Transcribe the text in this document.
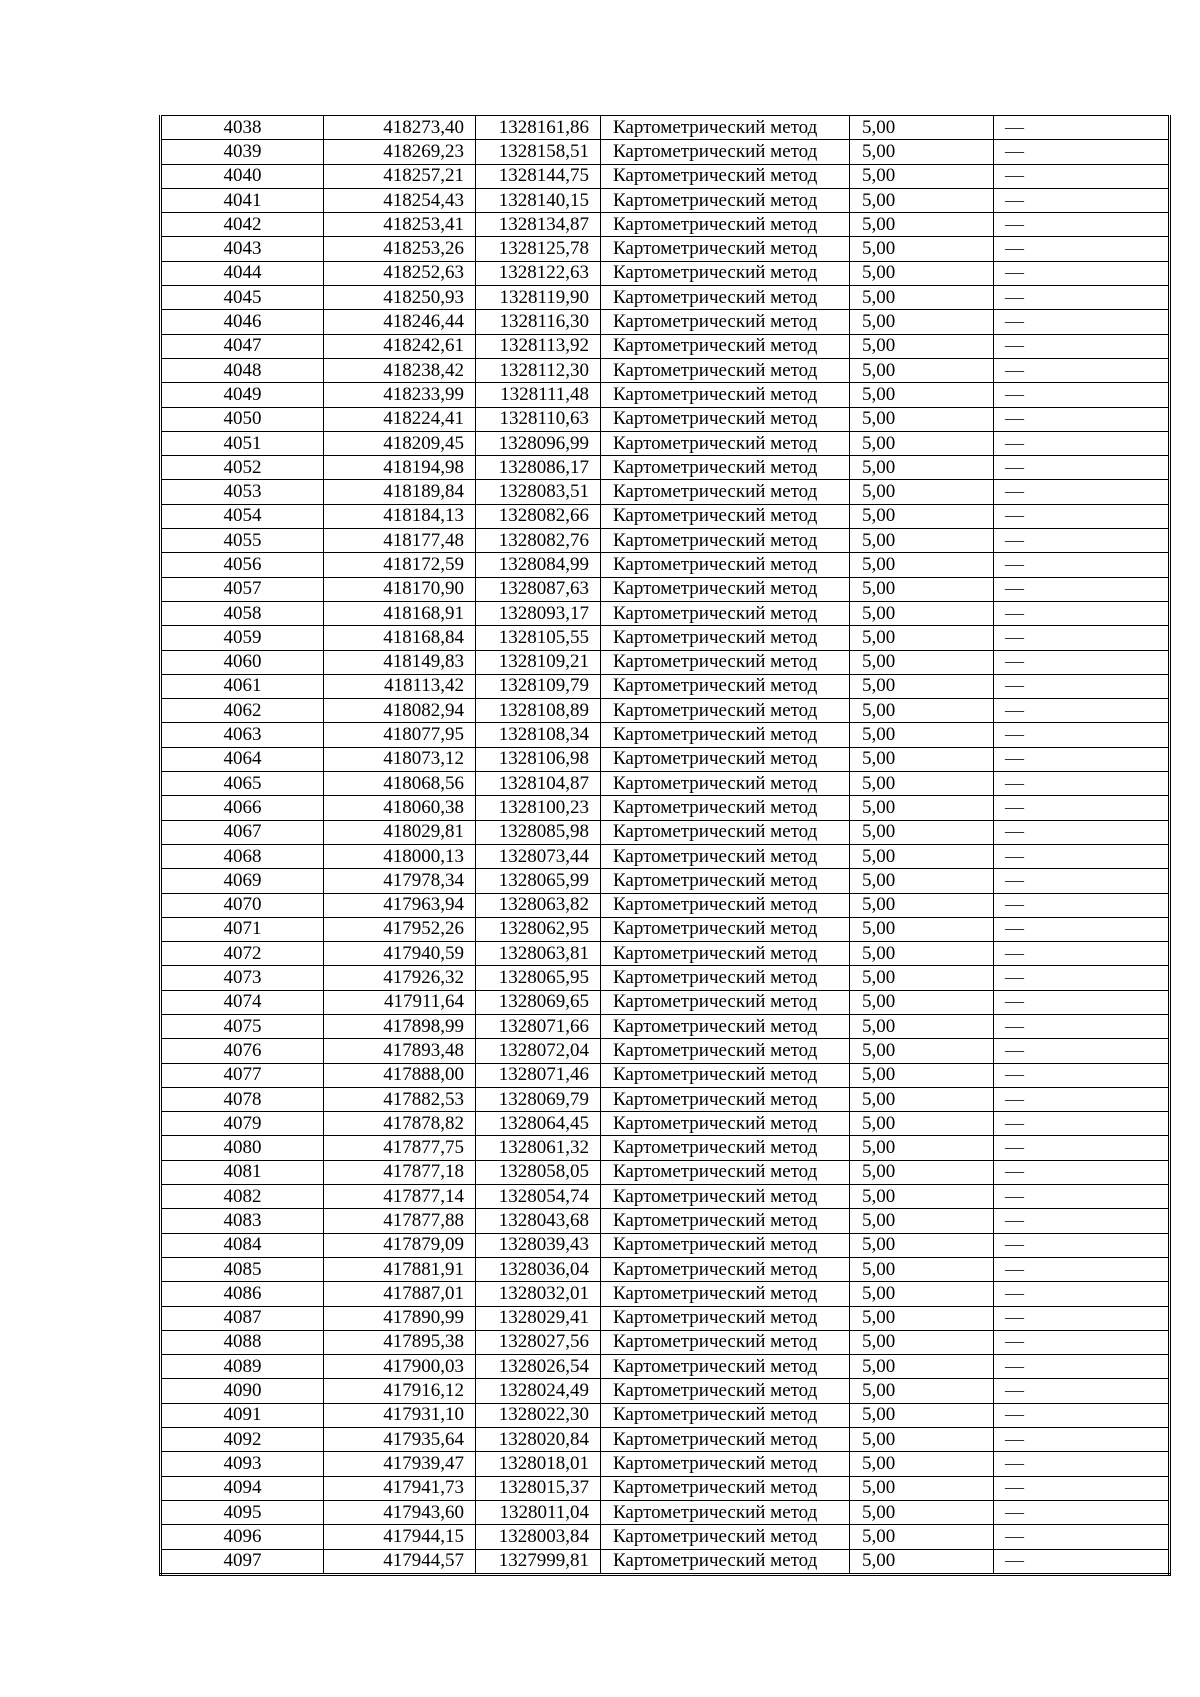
4038	418273,40	1328161,86	Картометрический метод	5,00	—
4039	418269,23	1328158,51	Картометрический метод	5,00	—
4040	418257,21	1328144,75	Картометрический метод	5,00	—
4041	418254,43	1328140,15	Картометрический метод	5,00	—
4042	418253,41	1328134,87	Картометрический метод	5,00	—
4043	418253,26	1328125,78	Картометрический метод	5,00	—
4044	418252,63	1328122,63	Картометрический метод	5,00	—
4045	418250,93	1328119,90	Картометрический метод	5,00	—
4046	418246,44	1328116,30	Картометрический метод	5,00	—
4047	418242,61	1328113,92	Картометрический метод	5,00	—
4048	418238,42	1328112,30	Картометрический метод	5,00	—
4049	418233,99	1328111,48	Картометрический метод	5,00	—
4050	418224,41	1328110,63	Картометрический метод	5,00	—
4051	418209,45	1328096,99	Картометрический метод	5,00	—
4052	418194,98	1328086,17	Картометрический метод	5,00	—
4053	418189,84	1328083,51	Картометрический метод	5,00	—
4054	418184,13	1328082,66	Картометрический метод	5,00	—
4055	418177,48	1328082,76	Картометрический метод	5,00	—
4056	418172,59	1328084,99	Картометрический метод	5,00	—
4057	418170,90	1328087,63	Картометрический метод	5,00	—
4058	418168,91	1328093,17	Картометрический метод	5,00	—
4059	418168,84	1328105,55	Картометрический метод	5,00	—
4060	418149,83	1328109,21	Картометрический метод	5,00	—
4061	418113,42	1328109,79	Картометрический метод	5,00	—
4062	418082,94	1328108,89	Картометрический метод	5,00	—
4063	418077,95	1328108,34	Картометрический метод	5,00	—
4064	418073,12	1328106,98	Картометрический метод	5,00	—
4065	418068,56	1328104,87	Картометрический метод	5,00	—
4066	418060,38	1328100,23	Картометрический метод	5,00	—
4067	418029,81	1328085,98	Картометрический метод	5,00	—
4068	418000,13	1328073,44	Картометрический метод	5,00	—
4069	417978,34	1328065,99	Картометрический метод	5,00	—
4070	417963,94	1328063,82	Картометрический метод	5,00	—
4071	417952,26	1328062,95	Картометрический метод	5,00	—
4072	417940,59	1328063,81	Картометрический метод	5,00	—
4073	417926,32	1328065,95	Картометрический метод	5,00	—
4074	417911,64	1328069,65	Картометрический метод	5,00	—
4075	417898,99	1328071,66	Картометрический метод	5,00	—
4076	417893,48	1328072,04	Картометрический метод	5,00	—
4077	417888,00	1328071,46	Картометрический метод	5,00	—
4078	417882,53	1328069,79	Картометрический метод	5,00	—
4079	417878,82	1328064,45	Картометрический метод	5,00	—
4080	417877,75	1328061,32	Картометрический метод	5,00	—
4081	417877,18	1328058,05	Картометрический метод	5,00	—
4082	417877,14	1328054,74	Картометрический метод	5,00	—
4083	417877,88	1328043,68	Картометрический метод	5,00	—
4084	417879,09	1328039,43	Картометрический метод	5,00	—
4085	417881,91	1328036,04	Картометрический метод	5,00	—
4086	417887,01	1328032,01	Картометрический метод	5,00	—
4087	417890,99	1328029,41	Картометрический метод	5,00	—
4088	417895,38	1328027,56	Картометрический метод	5,00	—
4089	417900,03	1328026,54	Картометрический метод	5,00	—
4090	417916,12	1328024,49	Картометрический метод	5,00	—
4091	417931,10	1328022,30	Картометрический метод	5,00	—
4092	417935,64	1328020,84	Картометрический метод	5,00	—
4093	417939,47	1328018,01	Картометрический метод	5,00	—
4094	417941,73	1328015,37	Картометрический метод	5,00	—
4095	417943,60	1328011,04	Картометрический метод	5,00	—
4096	417944,15	1328003,84	Картометрический метод	5,00	—
4097	417944,57	1327999,81	Картометрический метод	5,00	—
